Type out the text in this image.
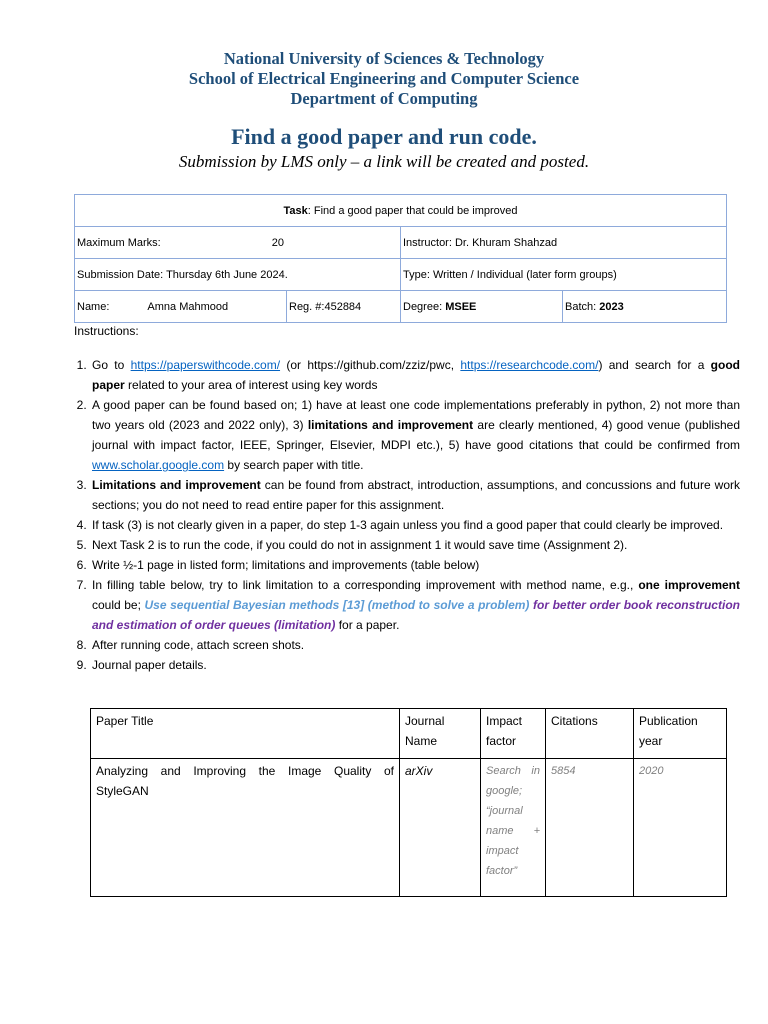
National University of Sciences & Technology
School of Electrical Engineering and Computer Science
Department of Computing
Find a good paper and run code.
Submission by LMS only – a link will be created and posted.
Task: Find a good paper that could be improved			
Maximum Marks: 20		Instructor: Dr. Khuram Shahzad	
Submission Date: Thursday 6th June 2024.		Type: Written / Individual (later form groups)	
Name: Amna Mahmood	Reg. #:452884	Degree: MSEE	Batch: 2023
Instructions:
1. Go to https://paperswithcode.com/ (or https://github.com/zziz/pwc, https://researchcode.com/) and search for a good paper related to your area of interest using key words
2. A good paper can be found based on; 1) have at least one code implementations preferably in python, 2) not more than two years old (2023 and 2022 only), 3) limitations and improvement are clearly mentioned, 4) good venue (published journal with impact factor, IEEE, Springer, Elsevier, MDPI etc.), 5) have good citations that could be confirmed from www.scholar.google.com by search paper with title.
3. Limitations and improvement can be found from abstract, introduction, assumptions, and concussions and future work sections; you do not need to read entire paper for this assignment.
4. If task (3) is not clearly given in a paper, do step 1-3 again unless you find a good paper that could clearly be improved.
5. Next Task 2 is to run the code, if you could do not in assignment 1 it would save time (Assignment 2).
6. Write ½-1 page in listed form; limitations and improvements (table below)
7. In filling table below, try to link limitation to a corresponding improvement with method name, e.g., one improvement could be; Use sequential Bayesian methods [13] (method to solve a problem) for better order book reconstruction and estimation of order queues (limitation) for a paper.
8. After running code, attach screen shots.
9. Journal paper details.
Paper Title	Journal Name	Impact factor	Citations	Publication year
Analyzing and Improving the Image Quality of StyleGAN	arXiv	Search in google; “journal name + impact factor”	5854	2020
